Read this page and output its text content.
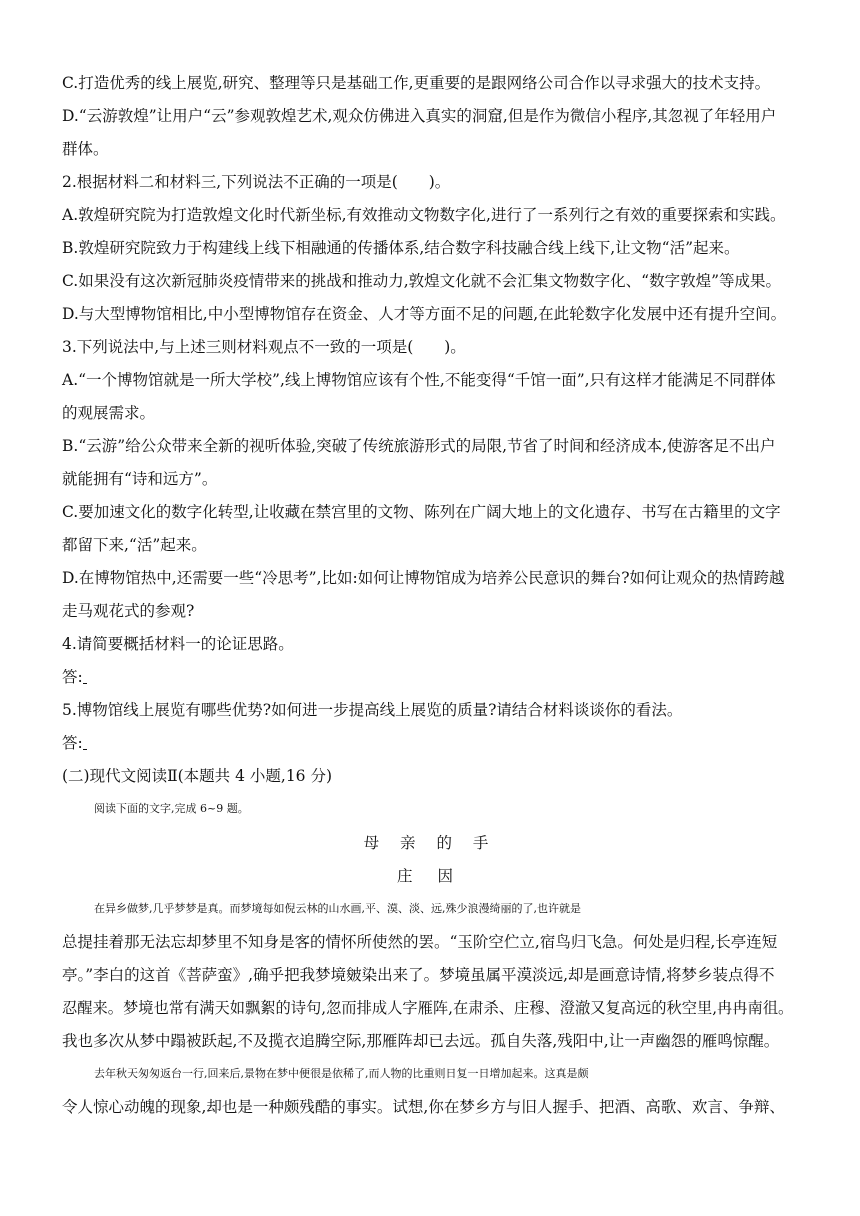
C.打造优秀的线上展览,研究、整理等只是基础工作,更重要的是跟网络公司合作以寻求强大的技术支持。
D.“云游敦煌”让用户“云”参观敦煌艺术,观众仿佛进入真实的洞窟,但是作为微信小程序,其忽视了年轻用户
群体。
2.根据材料二和材料三,下列说法不正确的一项是(　　)。
A.敦煌研究院为打造敦煌文化时代新坐标,有效推动文物数字化,进行了一系列行之有效的重要探索和实践。
B.敦煌研究院致力于构建线上线下相融通的传播体系,结合数字科技融合线上线下,让文物“活”起来。
C.如果没有这次新冠肺炎疫情带来的挑战和推动力,敦煌文化就不会汇集文物数字化、“数字敦煌”等成果。
D.与大型博物馆相比,中小型博物馆存在资金、人才等方面不足的问题,在此轮数字化发展中还有提升空间。
3.下列说法中,与上述三则材料观点不一致的一项是(　　)。
A.“一个博物馆就是一所大学校”,线上博物馆应该有个性,不能变得“千馆一面”,只有这样才能满足不同群体
的观展需求。
B.“云游”给公众带来全新的视听体验,突破了传统旅游形式的局限,节省了时间和经济成本,使游客足不出户
就能拥有“诗和远方”。
C.要加速文化的数字化转型,让收藏在禁宫里的文物、陈列在广阔大地上的文化遗存、书写在古籍里的文字
都留下来,“活”起来。
D.在博物馆热中,还需要一些“冷思考”,比如:如何让博物馆成为培养公民意识的舞台?如何让观众的热情跨越
走马观花式的参观?
4.请简要概括材料一的论证思路。
答:
5.博物馆线上展览有哪些优势?如何进一步提高线上展览的质量?请结合材料谈谈你的看法。
答:
(二)现代文阅读Ⅱ(本题共 4 小题,16 分)
阅读下面的文字,完成 6~9 题。
母 亲 的 手
庄 因
在异乡做梦,几乎梦梦是真。而梦境每如倪云林的山水画,平、漠、淡、远,殊少浪漫绮丽的了,也许就是
总提挂着那无法忘却梦里不知身是客的情怀所使然的罢。“玉阶空伫立,宿鸟归飞急。何处是归程,长亭连短
亭。”李白的这首《菩萨蛮》,确乎把我梦境皴染出来了。梦境虽属平漠淡远,却是画意诗情,将梦乡装点得不
忍醒来。梦境也常有满天如飘絮的诗句,忽而排成人字雁阵,在肃杀、庄穆、澄澈又复高远的秋空里,冉冉南徂。
我也多次从梦中蹋被跃起,不及揽衣追腾空际,那雁阵却已去远。孤自失落,残阳中,让一声幽怨的雁鸣惊醒。
去年秋天匆匆返台一行,回来后,景物在梦中便很是依稀了,而人物的比重则日复一日增加起来。这真是颇
令人惊心动魄的现象,却也是一种颇残酷的事实。试想,你在梦乡方与旧人握手、把酒、高歌、欢言、争辩、
